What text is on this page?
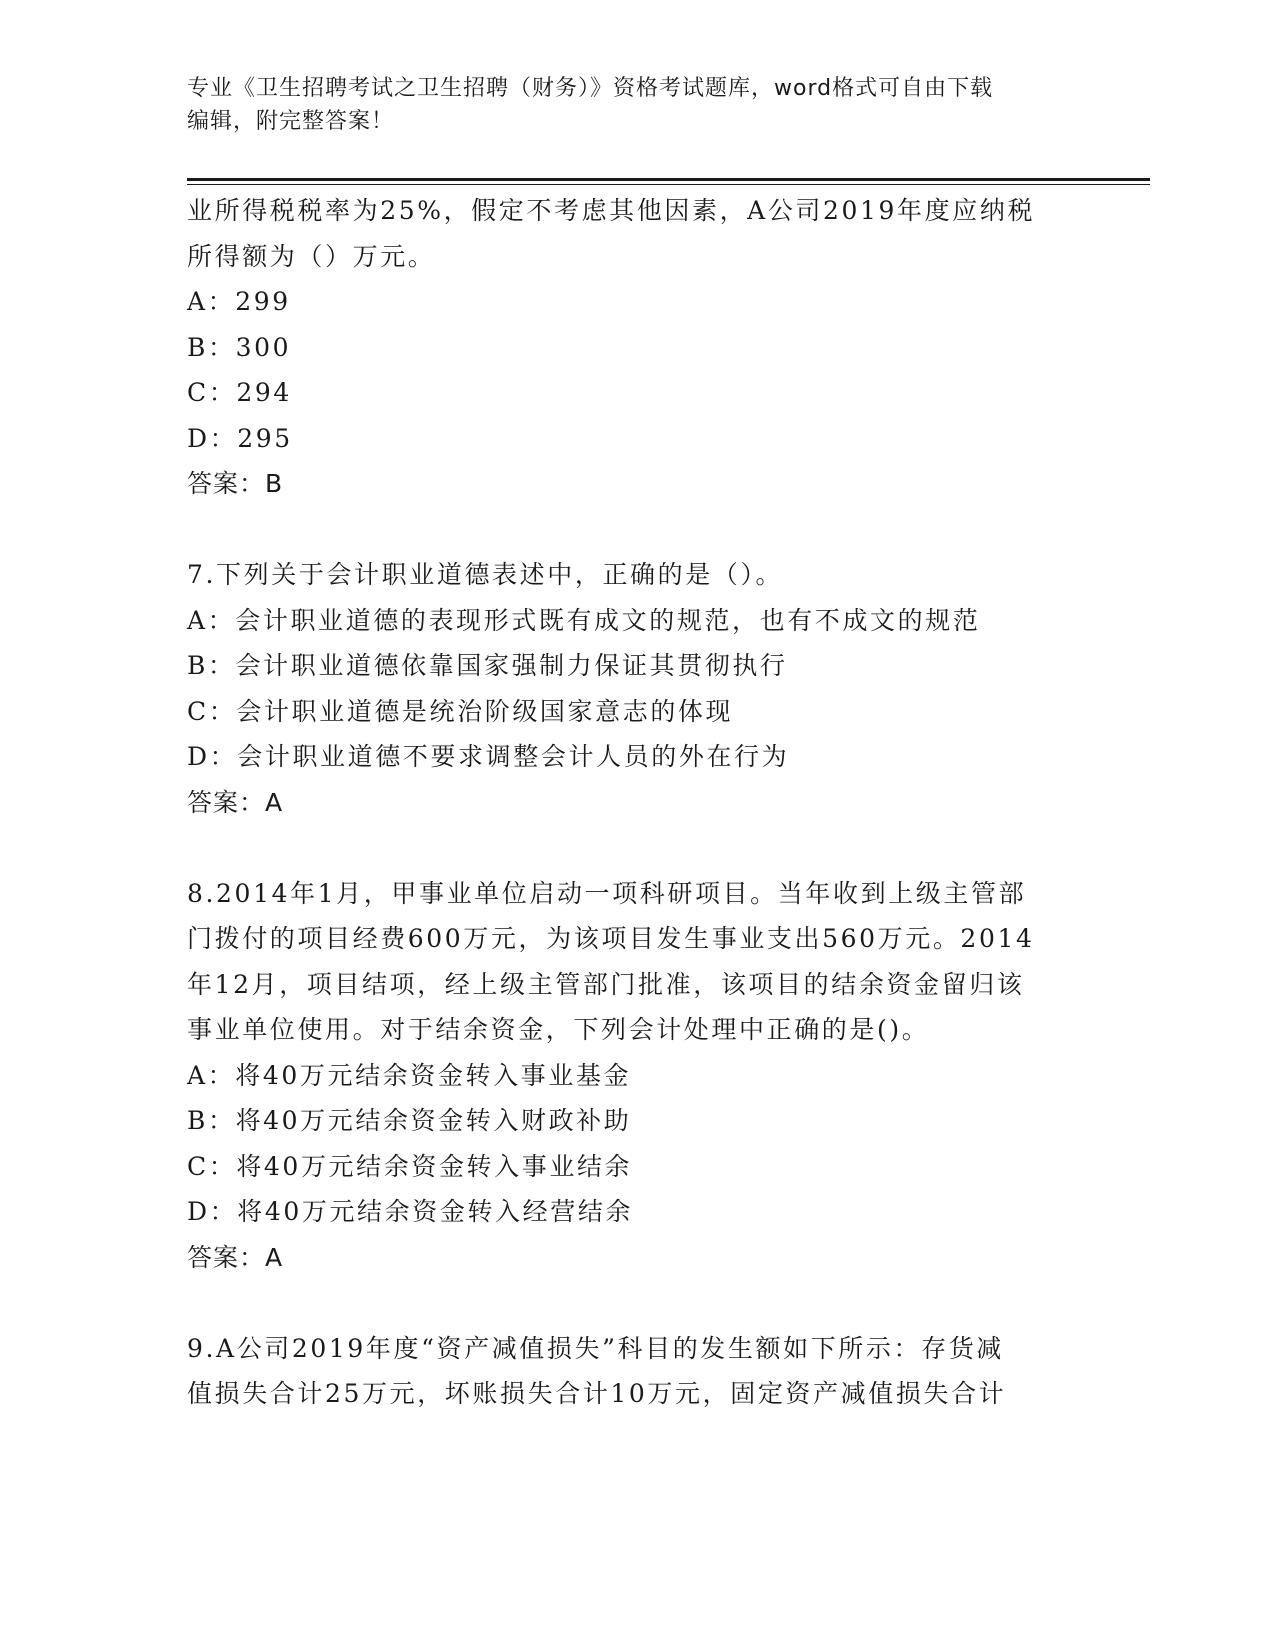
专业《卫生招聘考试之卫生招聘（财务）》资格考试题库，word格式可自由下载
编辑，附完整答案！
业所得税税率为25%，假定不考虑其他因素，A公司2019年度应纳税
所得额为（）万元。
A：299
B：300
C：294
D：295
答案：B
7.下列关于会计职业道德表述中，正确的是（）。
A：会计职业道德的表现形式既有成文的规范，也有不成文的规范
B：会计职业道德依靠国家强制力保证其贯彻执行
C：会计职业道德是统治阶级国家意志的体现
D：会计职业道德不要求调整会计人员的外在行为
答案：A
8.2014年1月，甲事业单位启动一项科研项目。当年收到上级主管部
门拨付的项目经费600万元，为该项目发生事业支出560万元。2014
年12月，项目结项，经上级主管部门批准，该项目的结余资金留归该
事业单位使用。对于结余资金，下列会计处理中正确的是()。
A：将40万元结余资金转入事业基金
B：将40万元结余资金转入财政补助
C：将40万元结余资金转入事业结余
D：将40万元结余资金转入经营结余
答案：A
9.A公司2019年度“资产减值损失”科目的发生额如下所示：存货减
值损失合计25万元，坏账损失合计10万元，固定资产减值损失合计
